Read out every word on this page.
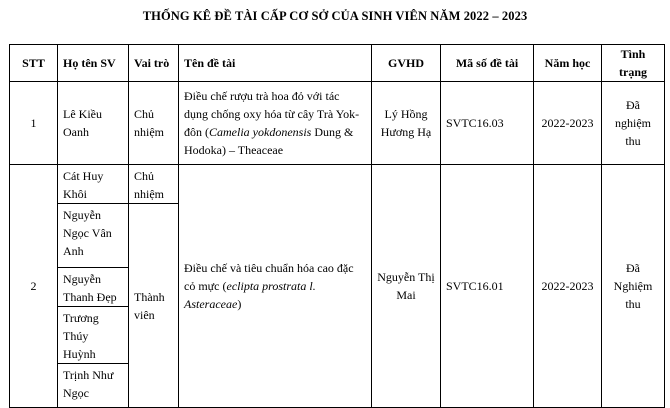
THỐNG KÊ ĐỀ TÀI CẤP CƠ SỞ CỦA SINH VIÊN NĂM 2022 – 2023
STT	Họ tên SV	Vai trò	Tên đề tài	GVHD	Mã số đề tài	Năm học	Tình trạng
1	Lê Kiều Oanh	Chủ nhiệm	Điều chế rượu trà hoa đỏ với tác dụng chống oxy hóa từ cây Trà Yok-đôn (Camelia yokdonensis Dung & Hodoka) – Theaceae	Lý Hồng Hương Hạ	SVTC16.03	2022-2023	Đã nghiệm thu
2	Cát Huy Khôi	Chủ nhiệm	Điều chế và tiêu chuẩn hóa cao đặc cỏ mực (eclipta prostrata l. Asteraceae)	Nguyễn Thị Mai	SVTC16.01	2022-2023	Đã Nghiệm thu
	Nguyễn Ngọc Vân Anh	Thành viên					
	Nguyễn Thanh Đẹp						
	Trương Thúy Huỳnh						
	Trịnh Như Ngọc						
